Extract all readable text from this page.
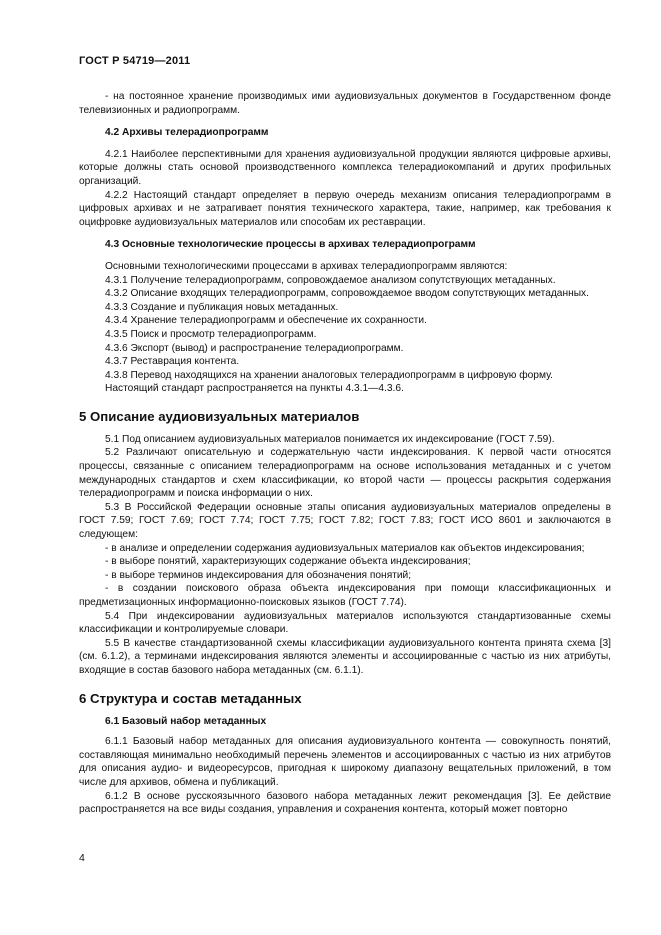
ГОСТ Р 54719—2011

- на постоянное хранение производимых ими аудиовизуальных документов в Государственном фонде телевизионных и радиопрограмм.

4.2 Архивы телерадиопрограмм

4.2.1 Наиболее перспективными для хранения аудиовизуальной продукции являются цифровые архивы, которые должны стать основой производственного комплекса телерадиокомпаний и других профильных организаций.

4.2.2 Настоящий стандарт определяет в первую очередь механизм описания телерадиопрограмм в цифровых архивах и не затрагивает понятия технического характера, такие, например, как требования к оцифровке аудиовизуальных материалов или способам их реставрации.

4.3 Основные технологические процессы в архивах телерадиопрограмм

Основными технологическими процессами в архивах телерадиопрограмм являются:

4.3.1 Получение телерадиопрограмм, сопровождаемое анализом сопутствующих метаданных.

4.3.2 Описание входящих телерадиопрограмм, сопровождаемое вводом сопутствующих метаданных.

4.3.3 Создание и публикация новых метаданных.

4.3.4 Хранение телерадиопрограмм и обеспечение их сохранности.

4.3.5 Поиск и просмотр телерадиопрограмм.

4.3.6 Экспорт (вывод) и распространение телерадиопрограмм.

4.3.7 Реставрация контента.

4.3.8 Перевод находящихся на хранении аналоговых телерадиопрограмм в цифровую форму.

Настоящий стандарт распространяется на пункты 4.3.1—4.3.6.

5 Описание аудиовизуальных материалов

5.1 Под описанием аудиовизуальных материалов понимается их индексирование (ГОСТ 7.59).

5.2 Различают описательную и содержательную части индексирования. К первой части относятся процессы, связанные с описанием телерадиопрограмм на основе использования метаданных и с учетом международных стандартов и схем классификации, ко второй части — процессы раскрытия содержания телерадиопрограмм и поиска информации о них.

5.3 В Российской Федерации основные этапы описания аудиовизуальных материалов определены в ГОСТ 7.59; ГОСТ 7.69; ГОСТ 7.74; ГОСТ 7.75; ГОСТ 7.82; ГОСТ 7.83; ГОСТ ИСО 8601 и заключаются в следующем:

- в анализе и определении содержания аудиовизуальных материалов как объектов индексирования;

- в выборе понятий, характеризующих содержание объекта индексирования;

- в выборе терминов индексирования для обозначения понятий;

- в создании поискового образа объекта индексирования при помощи классификационных и предметизационных информационно-поисковых языков (ГОСТ 7.74).

5.4 При индексировании аудиовизуальных материалов используются стандартизованные схемы классификации и контролируемые словари.

5.5 В качестве стандартизованной схемы классификации аудиовизуального контента принята схема [3] (см. 6.1.2), а терминами индексирования являются элементы и ассоциированные с частью из них атрибуты, входящие в состав базового набора метаданных (см. 6.1.1).

6 Структура и состав метаданных
6.1 Базовый набор метаданных

6.1.1 Базовый набор метаданных для описания аудиовизуального контента — совокупность понятий, составляющая минимально необходимый перечень элементов и ассоциированных с частью из них атрибутов для описания аудио- и видеоресурсов, пригодная к широкому диапазону вещательных приложений, в том числе для архивов, обмена и публикаций.

6.1.2 В основе русскоязычного базового набора метаданных лежит рекомендация [3]. Ее действие распространяется на все виды создания, управления и сохранения контента, который может повторно

4
